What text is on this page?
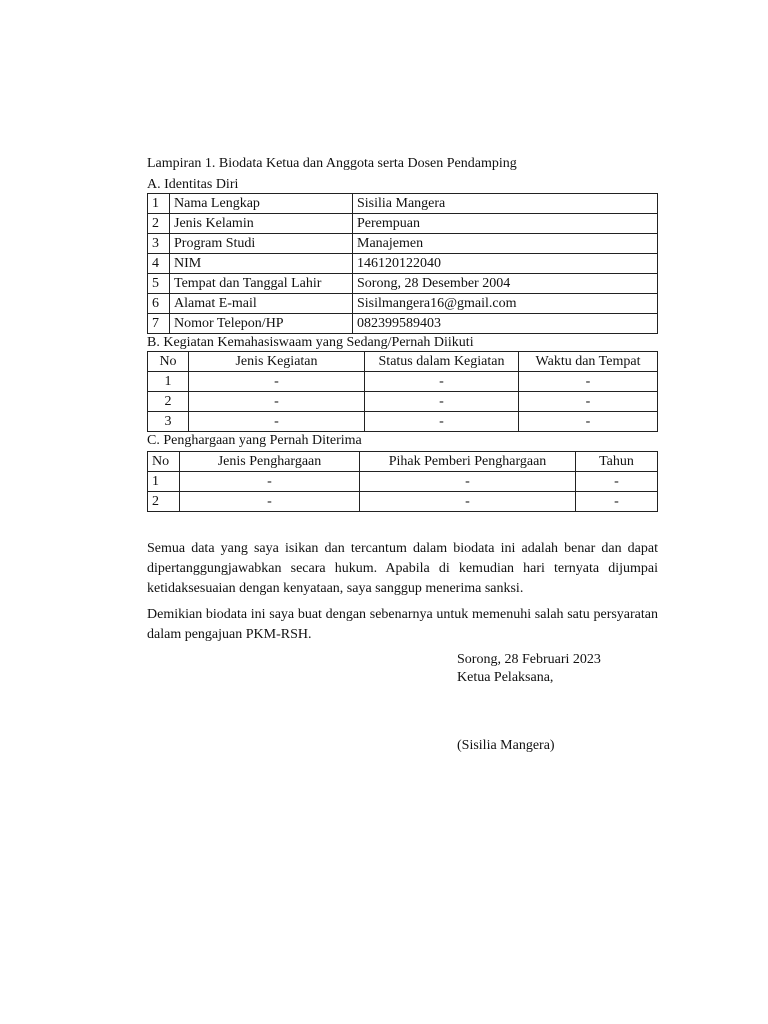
Lampiran 1. Biodata Ketua dan Anggota serta Dosen Pendamping
A. Identitas Diri
1	Nama Lengkap	Sisilia Mangera
2	Jenis Kelamin	Perempuan
3	Program Studi	Manajemen
4	NIM	146120122040
5	Tempat dan Tanggal Lahir	Sorong, 28 Desember 2004
6	Alamat E-mail	Sisilmangera16@gmail.com
7	Nomor Telepon/HP	082399589403
B. Kegiatan Kemahasiswaam yang Sedang/Pernah Diikuti
No	Jenis Kegiatan	Status dalam Kegiatan	Waktu dan Tempat
1	-	-	-
2	-	-	-
3	-	-	-
C. Penghargaan yang Pernah Diterima
No	Jenis Penghargaan	Pihak Pemberi Penghargaan	Tahun
1	-	-	-
2	-	-	-

Semua data yang saya isikan dan tercantum dalam biodata ini adalah benar dan dapat dipertanggungjawabkan secara hukum. Apabila di kemudian hari ternyata dijumpai ketidaksesuaian dengan kenyataan, saya sanggup menerima sanksi.

Demikian biodata ini saya buat dengan sebenarnya untuk memenuhi salah satu persyaratan dalam pengajuan PKM-RSH.

Sorong, 28 Februari 2023
Ketua Pelaksana,
(Sisilia Mangera)
